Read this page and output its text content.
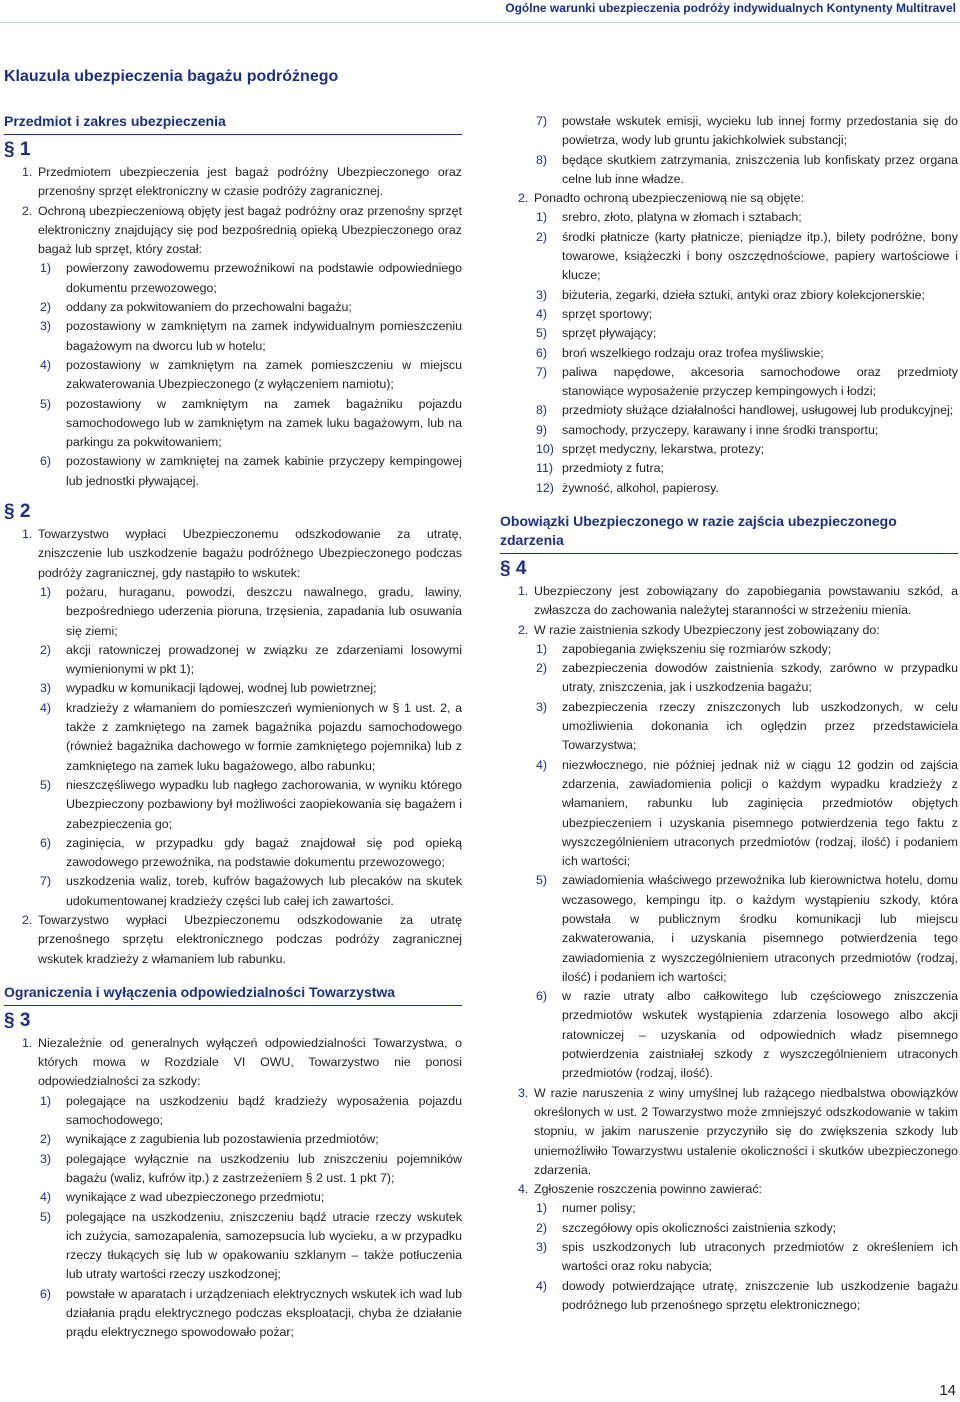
Ogólne warunki ubezpieczenia podróży indywidualnych Kontynenty Multitravel
Klauzula ubezpieczenia bagażu podróżnego
Przedmiot i zakres ubezpieczenia
§ 1
1. Przedmiotem ubezpieczenia jest bagaż podróżny Ubezpieczonego oraz przenośny sprzęt elektroniczny w czasie podróży zagranicznej.
2. Ochroną ubezpieczeniową objęty jest bagaż podróżny oraz przenośny sprzęt elektroniczny znajdujący się pod bezpośrednią opieką Ubezpieczonego oraz bagaż lub sprzęt, który został:
1) powierzony zawodowemu przewoźnikowi na podstawie odpowiedniego dokumentu przewozowego;
2) oddany za pokwitowaniem do przechowalni bagażu;
3) pozostawiony w zamkniętym na zamek indywidualnym pomieszczeniu bagażowym na dworcu lub w hotelu;
4) pozostawiony w zamkniętym na zamek pomieszczeniu w miejscu zakwaterowania Ubezpieczonego (z wyłączeniem namiotu);
5) pozostawiony w zamkniętym na zamek bagażniku pojazdu samochodowego lub w zamkniętym na zamek luku bagażowym, lub na parkingu za pokwitowaniem;
6) pozostawiony w zamkniętej na zamek kabinie przyczepy kempingowej lub jednostki pływającej.
§ 2
1. Towarzystwo wypłaci Ubezpieczonemu odszkodowanie za utratę, zniszczenie lub uszkodzenie bagażu podróżnego Ubezpieczonego podczas podróży zagranicznej, gdy nastąpiło to wskutek:
1) pożaru, huraganu, powodzi, deszczu nawalnego, gradu, lawiny, bezpośredniego uderzenia pioruna, trzęsienia, zapadania lub osuwania się ziemi;
2) akcji ratowniczej prowadzonej w związku ze zdarzeniami losowymi wymienionymi w pkt 1);
3) wypadku w komunikacji lądowej, wodnej lub powietrznej;
4) kradzieży z włamaniem do pomieszczeń wymienionych w § 1 ust. 2, a także z zamkniętego na zamek bagażnika pojazdu samochodowego (również bagażnika dachowego w formie zamkniętego pojemnika) lub z zamkniętego na zamek luku bagażowego, albo rabunku;
5) nieszczęśliwego wypadku lub nagłego zachorowania, w wyniku którego Ubezpieczony pozbawiony był możliwości zaopiekowania się bagażem i zabezpieczenia go;
6) zaginięcia, w przypadku gdy bagaż znajdował się pod opieką zawodowego przewoźnika, na podstawie dokumentu przewozowego;
7) uszkodzenia waliz, toreb, kufrów bagażowych lub plecaków na skutek udokumentowanej kradzieży części lub całej ich zawartości.
2. Towarzystwo wypłaci Ubezpieczonemu odszkodowanie za utratę przenośnego sprzętu elektronicznego podczas podróży zagranicznej wskutek kradzieży z włamaniem lub rabunku.
Ograniczenia i wyłączenia odpowiedzialności Towarzystwa
§ 3
1. Niezależnie od generalnych wyłączeń odpowiedzialności Towarzystwa, o których mowa w Rozdziale VI OWU, Towarzystwo nie ponosi odpowiedzialności za szkody:
1) polegające na uszkodzeniu bądź kradzieży wyposażenia pojazdu samochodowego;
2) wynikające z zagubienia lub pozostawienia przedmiotów;
3) polegające wyłącznie na uszkodzeniu lub zniszczeniu pojemników bagażu (waliz, kufrów itp.) z zastrzeżeniem § 2 ust. 1 pkt 7);
4) wynikające z wad ubezpieczonego przedmiotu;
5) polegające na uszkodzeniu, zniszczeniu bądź utracie rzeczy wskutek ich zużycia, samozapalenia, samozepsucia lub wycieku, a w przypadku rzeczy tłukących się lub w opakowaniu szklanym – także potłuczenia lub utraty wartości rzeczy uszkodzonej;
6) powstałe w aparatach i urządzeniach elektrycznych wskutek ich wad lub działania prądu elektrycznego podczas eksploatacji, chyba że działanie prądu elektrycznego spowodowało pożar;
7) powstałe wskutek emisji, wycieku lub innej formy przedostania się do powietrza, wody lub gruntu jakichkolwiek substancji;
8) będące skutkiem zatrzymania, zniszczenia lub konfiskaty przez organa celne lub inne władze.
2. Ponadto ochroną ubezpieczeniową nie są objęte:
1) srebro, złoto, platyna w złomach i sztabach;
2) środki płatnicze (karty płatnicze, pieniądze itp.), bilety podróżne, bony towarowe, książeczki i bony oszczędnościowe, papiery wartościowe i klucze;
3) biżuteria, zegarki, dzieła sztuki, antyki oraz zbiory kolekcjonerskie;
4) sprzęt sportowy;
5) sprzęt pływający;
6) broń wszelkiego rodzaju oraz trofea myśliwskie;
7) paliwa napędowe, akcesoria samochodowe oraz przedmioty stanowiące wyposażenie przyczep kempingowych i łodzi;
8) przedmioty służące działalności handlowej, usługowej lub produkcyjnej;
9) samochody, przyczepy, karawany i inne środki transportu;
10) sprzęt medyczny, lekarstwa, protezy;
11) przedmioty z futra;
12) żywność, alkohol, papierosy.
Obowiązki Ubezpieczonego w razie zajścia ubezpieczonego zdarzenia
§ 4
1. Ubezpieczony jest zobowiązany do zapobiegania powstawaniu szkód, a zwłaszcza do zachowania należytej staranności w strzeżeniu mienia.
2. W razie zaistnienia szkody Ubezpieczony jest zobowiązany do:
1) zapobiegania zwiększeniu się rozmiarów szkody;
2) zabezpieczenia dowodów zaistnienia szkody, zarówno w przypadku utraty, zniszczenia, jak i uszkodzenia bagażu;
3) zabezpieczenia rzeczy zniszczonych lub uszkodzonych, w celu umożliwienia dokonania ich oględzin przez przedstawiciela Towarzystwa;
4) niezwłocznego, nie później jednak niż w ciągu 12 godzin od zajścia zdarzenia, zawiadomienia policji o każdym wypadku kradzieży z włamaniem, rabunku lub zaginięcia przedmiotów objętych ubezpieczeniem i uzyskania pisemnego potwierdzenia tego faktu z wyszczególnieniem utraconych przedmiotów (rodzaj, ilość) i podaniem ich wartości;
5) zawiadomienia właściwego przewoźnika lub kierownictwa hotelu, domu wczasowego, kempingu itp. o każdym wystąpieniu szkody, która powstała w publicznym środku komunikacji lub miejscu zakwaterowania, i uzyskania pisemnego potwierdzenia tego zawiadomienia z wyszczególnieniem utraconych przedmiotów (rodzaj, ilość) i podaniem ich wartości;
6) w razie utraty albo całkowitego lub częściowego zniszczenia przedmiotów wskutek wystąpienia zdarzenia losowego albo akcji ratowniczej – uzyskania od odpowiednich władz pisemnego potwierdzenia zaistniałej szkody z wyszczególnieniem utraconych przedmiotów (rodzaj, ilość).
3. W razie naruszenia z winy umyślnej lub rażącego niedbalstwa obowiązków określonych w ust. 2 Towarzystwo może zmniejszyć odszkodowanie w takim stopniu, w jakim naruszenie przyczyniło się do zwiększenia szkody lub uniemożliwiło Towarzystwu ustalenie okoliczności i skutków ubezpieczonego zdarzenia.
4. Zgłoszenie roszczenia powinno zawierać:
1) numer polisy;
2) szczegółowy opis okoliczności zaistnienia szkody;
3) spis uszkodzonych lub utraconych przedmiotów z określeniem ich wartości oraz roku nabycia;
4) dowody potwierdzające utratę, zniszczenie lub uszkodzenie bagażu podróżnego lub przenośnego sprzętu elektronicznego;
14
